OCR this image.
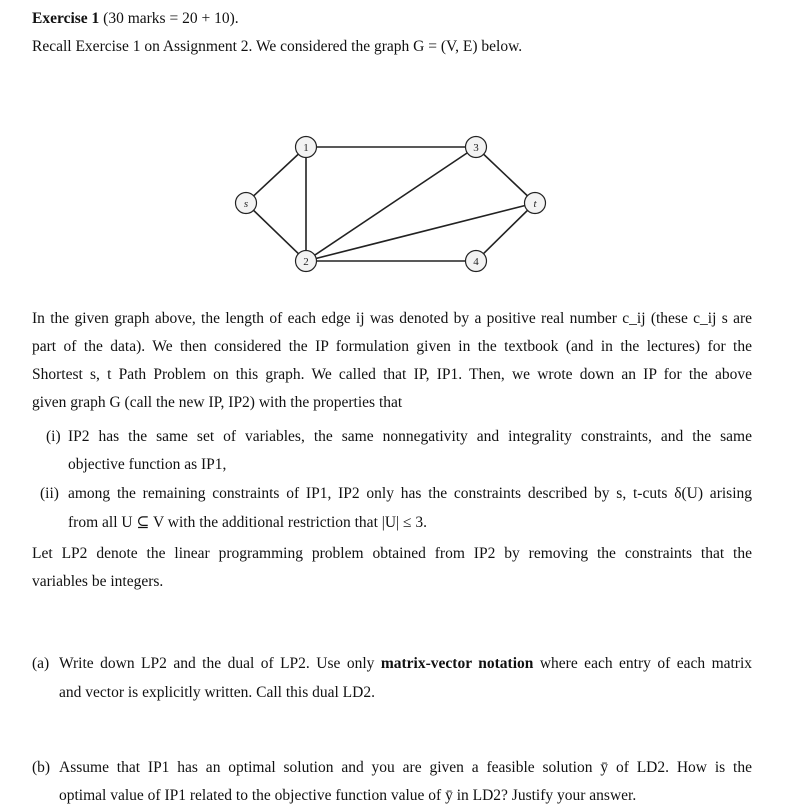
Exercise 1 (30 marks = 20 + 10).
Recall Exercise 1 on Assignment 2. We considered the graph G = (V, E) below.
s
1
2
3
4
t
In the given graph above, the length of each edge ij was denoted by a positive real number c_ij (these c_ij s are
part of the data). We then considered the IP formulation given in the textbook (and in the lectures) for the
Shortest s, t Path Problem on this graph. We called that IP, IP1. Then, we wrote down an IP for the above
given graph G (call the new IP, IP2) with the properties that
(i) IP2 has the same set of variables, the same nonnegativity and integrality constraints, and the same
objective function as IP1,
(ii) among the remaining constraints of IP1, IP2 only has the constraints described by s, t-cuts δ(U) arising
from all U ⊆ V with the additional restriction that |U| ≤ 3.
Let LP2 denote the linear programming problem obtained from IP2 by removing the constraints that the
variables be integers.
(a) Write down LP2 and the dual of LP2. Use only matrix-vector notation where each entry of each matrix
and vector is explicitly written. Call this dual LD2.
(b) Assume that IP1 has an optimal solution and you are given a feasible solution ȳ of LD2. How is the
optimal value of IP1 related to the objective function value of ȳ in LD2? Justify your answer.
